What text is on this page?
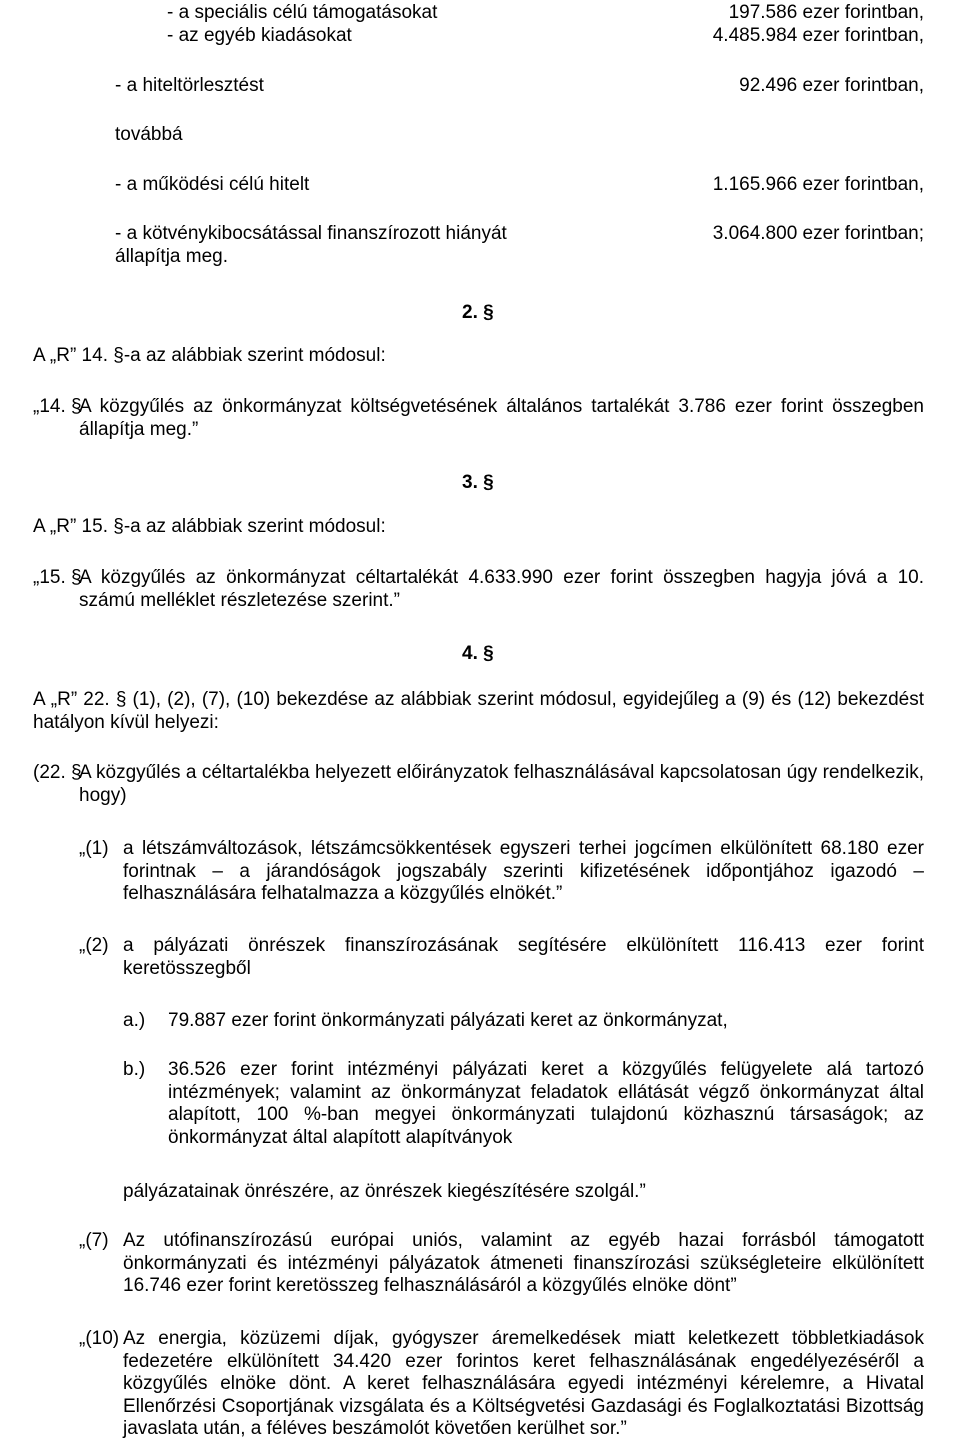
- a speciális célú támogatásokat	197.586 ezer forintban,
- az egyéb kiadásokat	4.485.984 ezer forintban,
- a hiteltörlesztést	92.496 ezer forintban,
továbbá
- a működési célú hitelt	1.165.966 ezer forintban,
- a kötvénykibocsátással finanszírozott hiányát	3.064.800 ezer forintban;
állapítja meg.
2. §
A „R” 14. §-a az alábbiak szerint módosul:
„14. §
A közgyűlés az önkormányzat költségvetésének általános tartalékát 3.786 ezer forint összegben állapítja meg.”
3. §
A „R” 15. §-a az alábbiak szerint módosul:
„15. §
A közgyűlés az önkormányzat céltartalékát 4.633.990 ezer forint összegben hagyja jóvá a 10. számú melléklet részletezése szerint.”
4. §
A „R” 22. § (1), (2), (7), (10) bekezdése az alábbiak szerint módosul, egyidejűleg a (9) és (12) bekezdést hatályon kívül helyezi:
(22. §
A közgyűlés a céltartalékba helyezett előirányzatok felhasználásával kapcsolatosan úgy rendelkezik, hogy)
„(1) a létszámváltozások, létszámcsökkentések egyszeri terhei jogcímen elkülönített 68.180 ezer forintnak – a járandóságok jogszabály szerinti kifizetésének időpontjához igazodó – felhasználására felhatalmazza a közgyűlés elnökét.”
„(2) a pályázati önrészek finanszírozásának segítésére elkülönített 116.413 ezer forint keretösszegből
a.) 79.887 ezer forint önkormányzati pályázati keret az önkormányzat,
b.) 36.526 ezer forint intézményi pályázati keret a közgyűlés felügyelete alá tartozó intézmények; valamint az önkormányzat feladatok ellátását végző önkormányzat által alapított, 100 %-ban megyei önkormányzati tulajdonú közhasznú társaságok; az önkormányzat által alapított alapítványok
pályázatainak önrészére, az önrészek kiegészítésére szolgál.”
„(7) Az utófinanszírozású európai uniós, valamint az egyéb hazai forrásból támogatott önkormányzati és intézményi pályázatok átmeneti finanszírozási szükségleteire elkülönített 16.746 ezer forint keretösszeg felhasználásáról a közgyűlés elnöke dönt”
„(10) Az energia, közüzemi díjak, gyógyszer áremelkedések miatt keletkezett többletkiadások fedezetére elkülönített 34.420 ezer forintos keret felhasználásának engedélyezéséről a közgyűlés elnöke dönt. A keret felhasználására egyedi intézményi kérelemre, a Hivatal Ellenőrzési Csoportjának vizsgálata és a Költségvetési Gazdasági és Foglalkoztatási Bizottság javaslata után, a féléves beszámolót követően kerülhet sor.”
